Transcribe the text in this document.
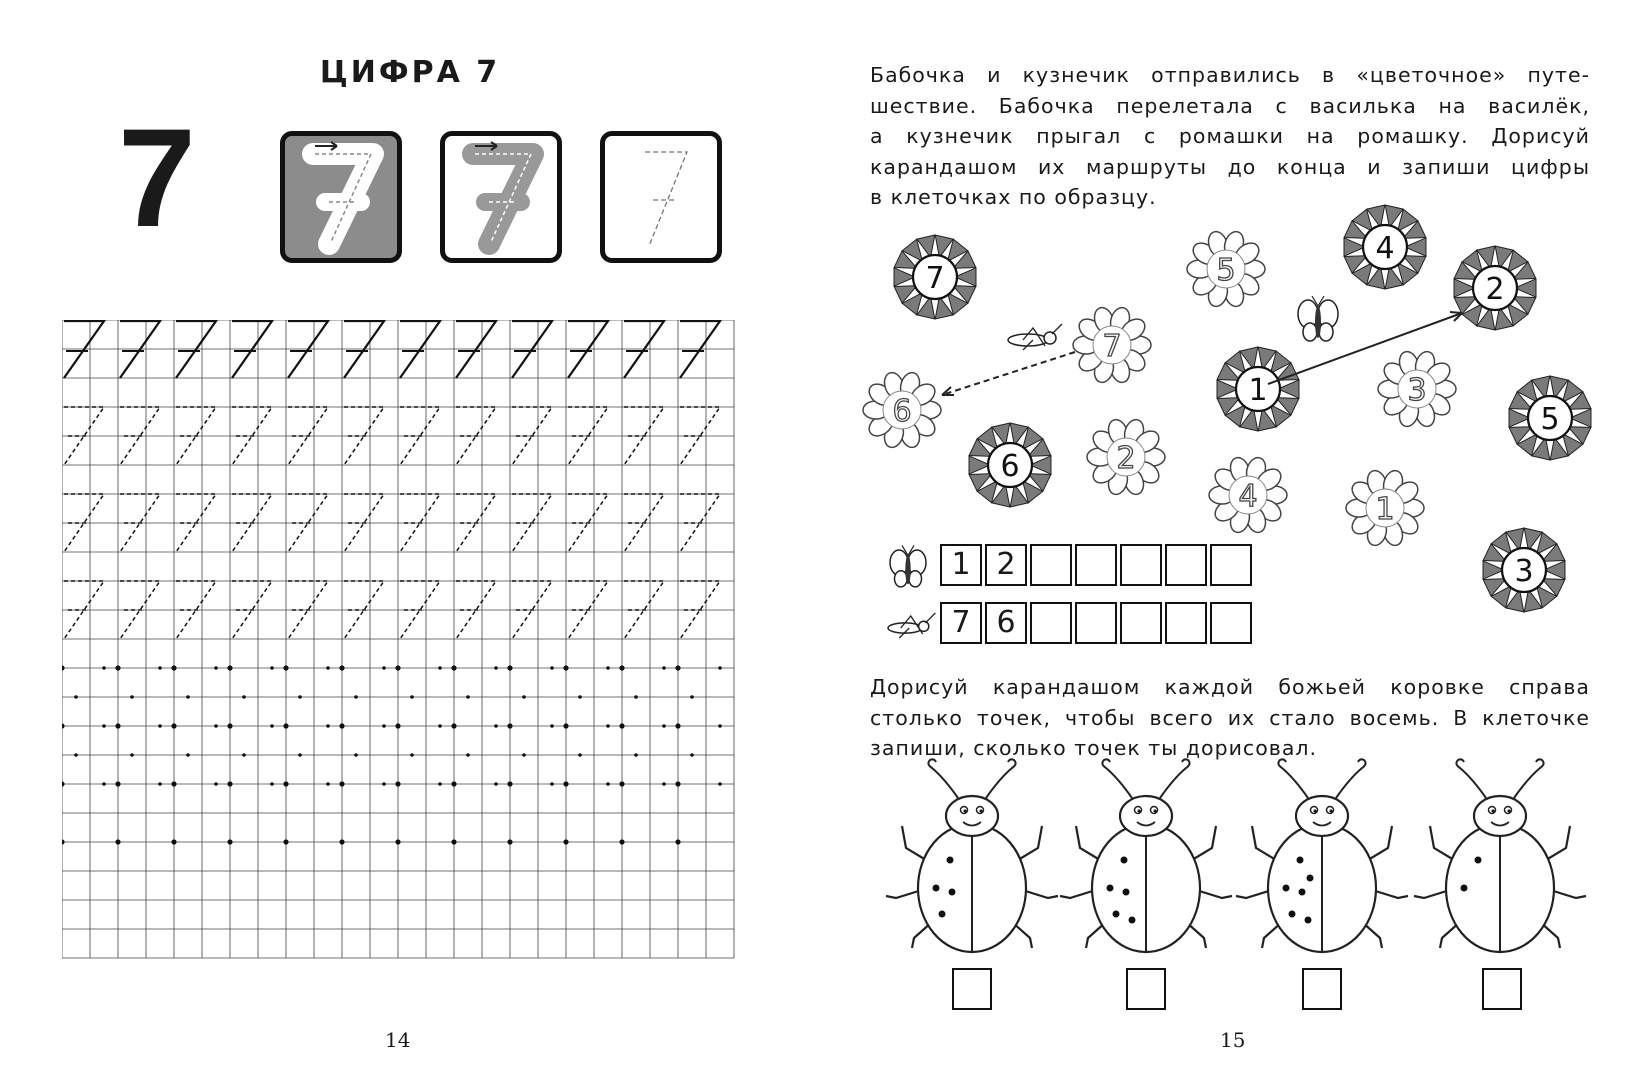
ЦИФРА 7
7
14
Бабочка и кузнечик отправились в «цветочное» путе-
шествие. Бабочка перелетала с василька на василёк,
а кузнечик прыгал с ромашки на ромашку. Дорисуй
карандашом их маршруты до конца и запиши цифры
в клеточках по образцу.
7	5
4
2
7
1	3
6	5
6	2
4	1
3
1 2
7 6
Дорисуй карандашом каждой божьей коровке справа
столько точек, чтобы всего их стало восемь. В клеточке
запиши, сколько точек ты дорисовал.
15
